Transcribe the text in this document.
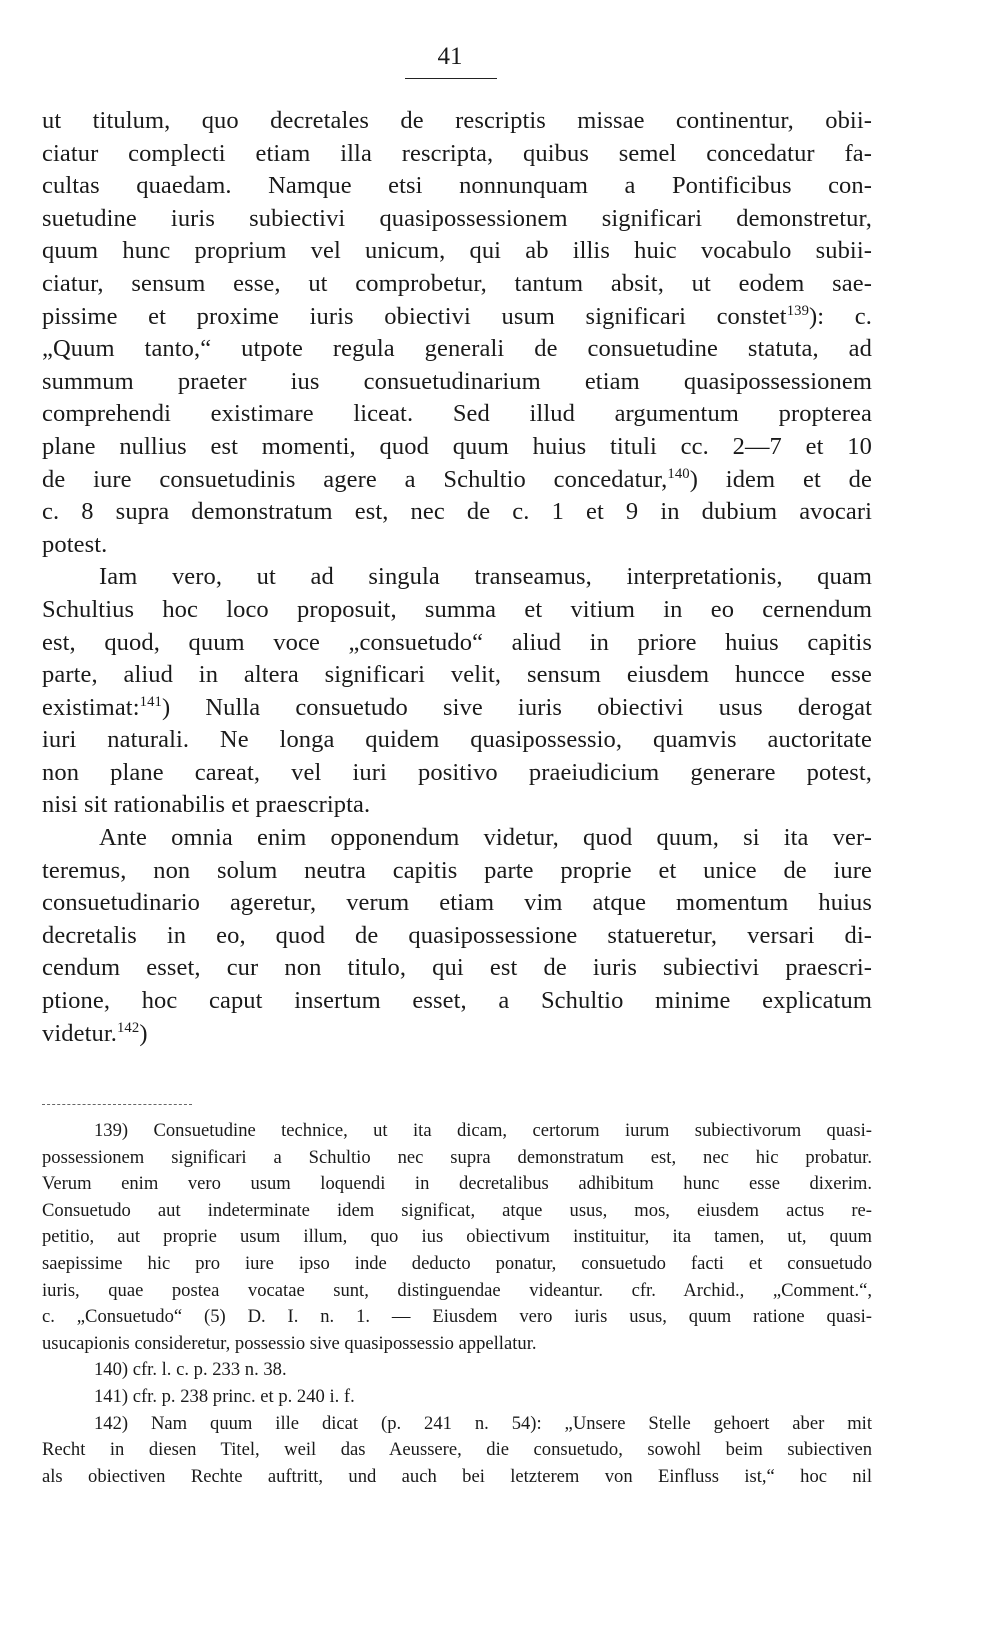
41
ut titulum, quo decretales de rescriptis missae continentur, obii-
ciatur complecti etiam illa rescripta, quibus semel concedatur fa-
cultas quaedam. Namque etsi nonnunquam a Pontificibus con-
suetudine iuris subiectivi quasipossessionem significari demonstretur,
quum hunc proprium vel unicum, qui ab illis huic vocabulo subii-
ciatur, sensum esse, ut comprobetur, tantum absit, ut eodem sae-
pissime et proxime iuris obiectivi usum significari constet$^{139}$): c.
„Quum tanto,“ utpote regula generali de consuetudine statuta, ad
summum praeter ius consuetudinarium etiam quasipossessionem
comprehendi existimare liceat. Sed illud argumentum propterea
plane nullius est momenti, quod quum huius tituli cc. 2—7 et 10
de iure consuetudinis agere a Schultio concedatur,$^{140}$) idem et de
c. 8 supra demonstratum est, nec de c. 1 et 9 in dubium avocari
potest.
Iam vero, ut ad singula transeamus, interpretationis, quam
Schultius hoc loco proposuit, summa et vitium in eo cernendum
est, quod, quum voce „consuetudo“ aliud in priore huius capitis
parte, aliud in altera significari velit, sensum eiusdem huncce esse
existimat:$^{141}$) Nulla consuetudo sive iuris obiectivi usus derogat
iuri naturali. Ne longa quidem quasipossessio, quamvis auctoritate
non plane careat, vel iuri positivo praeiudicium generare potest,
nisi sit rationabilis et praescripta.
Ante omnia enim opponendum videtur, quod quum, si ita ver-
teremus, non solum neutra capitis parte proprie et unice de iure
consuetudinario ageretur, verum etiam vim atque momentum huius
decretalis in eo, quod de quasipossessione statueretur, versari di-
cendum esset, cur non titulo, qui est de iuris subiectivi praescri-
ptione, hoc caput insertum esset, a Schultio minime explicatum
videtur.$^{142}$)
139) Consuetudine technice, ut ita dicam, certorum iurum subiectivorum quasi-
possessionem significari a Schultio nec supra demonstratum est, nec hic probatur.
Verum enim vero usum loquendi in decretalibus adhibitum hunc esse dixerim.
Consuetudo aut indeterminate idem significat, atque usus, mos, eiusdem actus re-
petitio, aut proprie usum illum, quo ius obiectivum instituitur, ita tamen, ut, quum
saepissime hic pro iure ipso inde deducto ponatur, consuetudo facti et consuetudo
iuris, quae postea vocatae sunt, distinguendae videantur. cfr. Archid., „Comment.“,
c. „Consuetudo“ (5) D. I. n. 1. — Eiusdem vero iuris usus, quum ratione quasi-
usucapionis consideretur, possessio sive quasipossessio appellatur.
140) cfr. l. c. p. 233 n. 38.
141) cfr. p. 238 princ. et p. 240 i. f.
142) Nam quum ille dicat (p. 241 n. 54): „Unsere Stelle gehoert aber mit
Recht in diesen Titel, weil das Aeussere, die consuetudo, sowohl beim subiectiven
als obiectiven Rechte auftritt, und auch bei letzterem von Einfluss ist,“ hoc nil
